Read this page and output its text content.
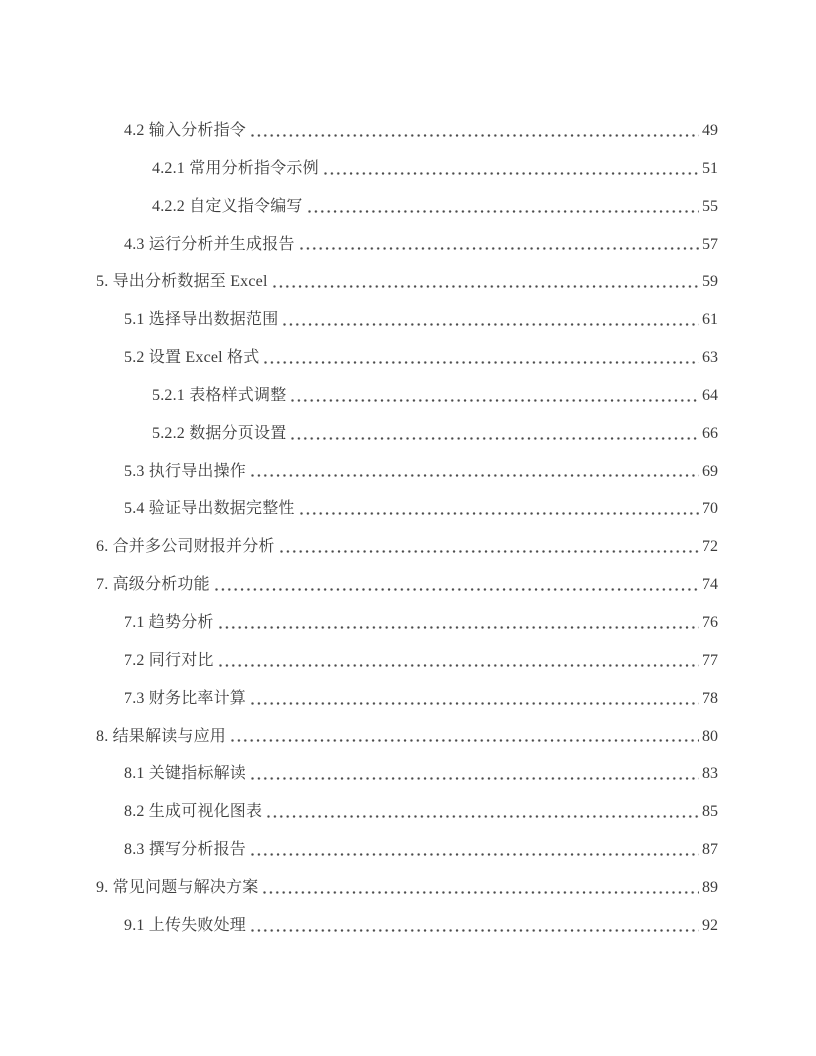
4.2 输入分析指令	49
4.2.1 常用分析指令示例	51
4.2.2 自定义指令编写	55
4.3 运行分析并生成报告	57
5. 导出分析数据至 Excel	59
5.1 选择导出数据范围	61
5.2 设置 Excel 格式	63
5.2.1 表格样式调整	64
5.2.2 数据分页设置	66
5.3 执行导出操作	69
5.4 验证导出数据完整性	70
6. 合并多公司财报并分析	72
7. 高级分析功能	74
7.1 趋势分析	76
7.2 同行对比	77
7.3 财务比率计算	78
8. 结果解读与应用	80
8.1 关键指标解读	83
8.2 生成可视化图表	85
8.3 撰写分析报告	87
9. 常见问题与解决方案	89
9.1 上传失败处理	92
